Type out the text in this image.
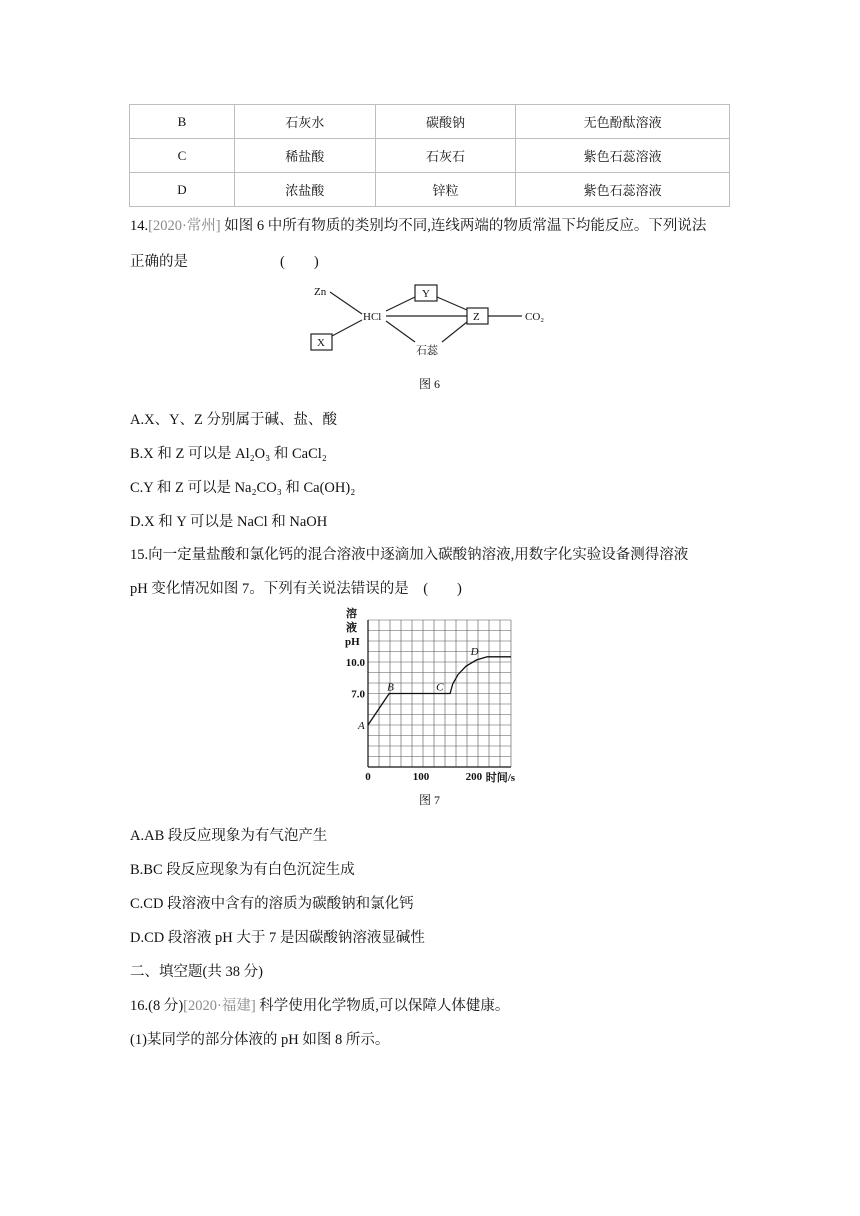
B	石灰水	碳酸钠	无色酚酞溶液
C	稀盐酸	石灰石	紫色石蕊溶液
D	浓盐酸	锌粒	紫色石蕊溶液
14.[2020·常州] 如图 6 中所有物质的类别均不同,连线两端的物质常温下均能反应。下列说法
正确的是	(　　)
Zn
HCl
Y
Z
X
CO₂
石蕊
图 6
A.X、Y、Z 分别属于碱、盐、酸
B.X 和 Z 可以是 Al₂O₃ 和 CaCl₂
C.Y 和 Z 可以是 Na₂CO₃ 和 Ca(OH)₂
D.X 和 Y 可以是 NaCl 和 NaOH
15.向一定量盐酸和氯化钙的混合溶液中逐滴加入碳酸钠溶液,用数字化实验设备测得溶液
pH 变化情况如图 7。下列有关说法错误的是　(　　)
溶
液
pH
7.0
10.0
0	100	200 时间/s
A
B	C
D
图 7
A.AB 段反应现象为有气泡产生
B.BC 段反应现象为有白色沉淀生成
C.CD 段溶液中含有的溶质为碳酸钠和氯化钙
D.CD 段溶液 pH 大于 7 是因碳酸钠溶液显碱性
二、填空题(共 38 分)
16.(8 分)[2020·福建] 科学使用化学物质,可以保障人体健康。
(1)某同学的部分体液的 pH 如图 8 所示。
